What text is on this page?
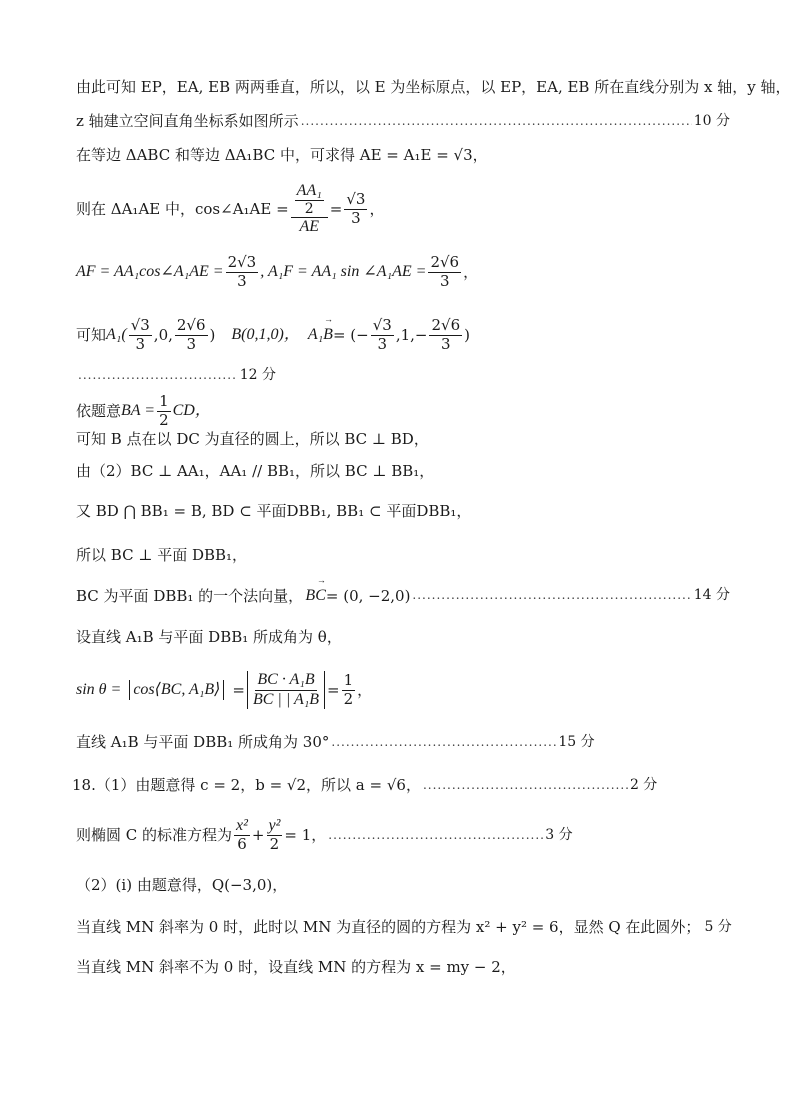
由此可知 EP，EA, EB 两两垂直，所以，以 E 为坐标原点，以 EP，EA, EB 所在直线分别为 x 轴，y 轴，
z 轴建立空间直角坐标系如图所示 .....	10 分
在等边 ΔABC 和等边 ΔA₁BC 中，可求得 AE = A₁E = √3，
则在 ΔA₁AE 中，cos∠A₁AE = $\frac{\frac{\text{AA₁}}{2}}{AE} = \frac{√3}{3}$ ，
AF = AA₁cos∠A₁AE = $\frac{2√3}{3}$ , A₁F = AA₁ sin ∠A₁AE = $\frac{2√6}{3}$ ，
可知 $A_1( \frac{√3}{3} ,0$, $\frac{2√6}{3}$ ) B(0,1,0)， A₁B → = (− $\frac{√3}{3} ,1,- \frac{2√6}{3}$ )
.....
12 分
依题意 BA = $\frac{1}{2}$ CD，
可知 B 点在以 DC 为直径的圆上，所以 BC ⊥ BD，
由（2）BC ⊥ AA₁，AA₁ // BB₁，所以 BC ⊥ BB₁，
又 BD ⋂ BB₁ = B, BD ⊂ 平面DBB₁, BB₁ ⊂ 平面DBB₁，
所以 BC ⊥ 平面 DBB₁，
BC 为平面 DBB₁ 的一个法向量， BC → = (0, −2,0) .....	14 分
设直线 A₁B 与平面 DBB₁ 所成角为 θ，
sin θ = cos⟨BC, A₁B⟩ = $\frac{\text{BC · A₁B}}{\text{BC | | A₁B}} = \frac{1}{2}$ ，
直线 A₁B 与平面 DBB₁ 所成角为 30° .....	15 分
18.（1）由题意得 c = 2，b = √2，所以 a = √6， .....	2 分
则椭圆 C 的标准方程为 $\frac{\text{x²}}{6} + \frac{\text{y²}}{2} = 1$， .....	3 分
（2）(i) 由题意得，Q(−3,0)，
当直线 MN 斜率为 0 时，此时以 MN 为直径的圆的方程为 x² + y² = 6，显然 Q 在此圆外； 5 分
当直线 MN 斜率不为 0 时，设直线 MN 的方程为 x = my − 2，
